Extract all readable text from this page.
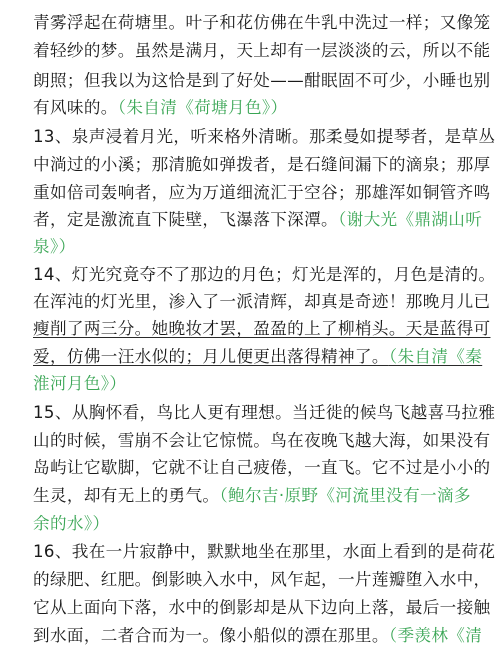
青雾浮起在荷塘里。叶子和花仿佛在牛乳中洗过一样；又像笼
着轻纱的梦。虽然是满月，天上却有一层淡淡的云，所以不能
朗照；但我以为这恰是到了好处——酣眠固不可少，小睡也别
有风味的。（朱自清《荷塘月色》）
13、泉声浸着月光，听来格外清晰。那柔曼如提琴者，是草丛
中淌过的小溪；那清脆如弹拨者，是石缝间漏下的滴泉；那厚
重如倍司轰响者，应为万道细流汇于空谷；那雄浑如铜管齐鸣
者，定是激流直下陡壁，飞瀑落下深潭。（谢大光《鼎湖山听
泉》）
14、灯光究竟夺不了那边的月色；灯光是浑的，月色是清的。
在浑沌的灯光里，渗入了一派清辉，却真是奇迹！那晚月儿已
瘦削了两三分。她晚妆才罢，盈盈的上了柳梢头。天是蓝得可
爱，仿佛一汪水似的；月儿便更出落得精神了。（朱自清《秦
淮河月色》）
15、从胸怀看，鸟比人更有理想。当迁徙的候鸟飞越喜马拉雅
山的时候，雪崩不会让它惊慌。鸟在夜晚飞越大海，如果没有
岛屿让它歇脚，它就不让自己疲倦，一直飞。它不过是小小的
生灵，却有无上的勇气。（鲍尔吉·原野《河流里没有一滴多
余的水》）
16、我在一片寂静中，默默地坐在那里，水面上看到的是荷花
的绿肥、红肥。倒影映入水中，风乍起，一片莲瓣堕入水中，
它从上面向下落，水中的倒影却是从下边向上落，最后一接触
到水面，二者合而为一。像小船似的漂在那里。（季羡林《清
